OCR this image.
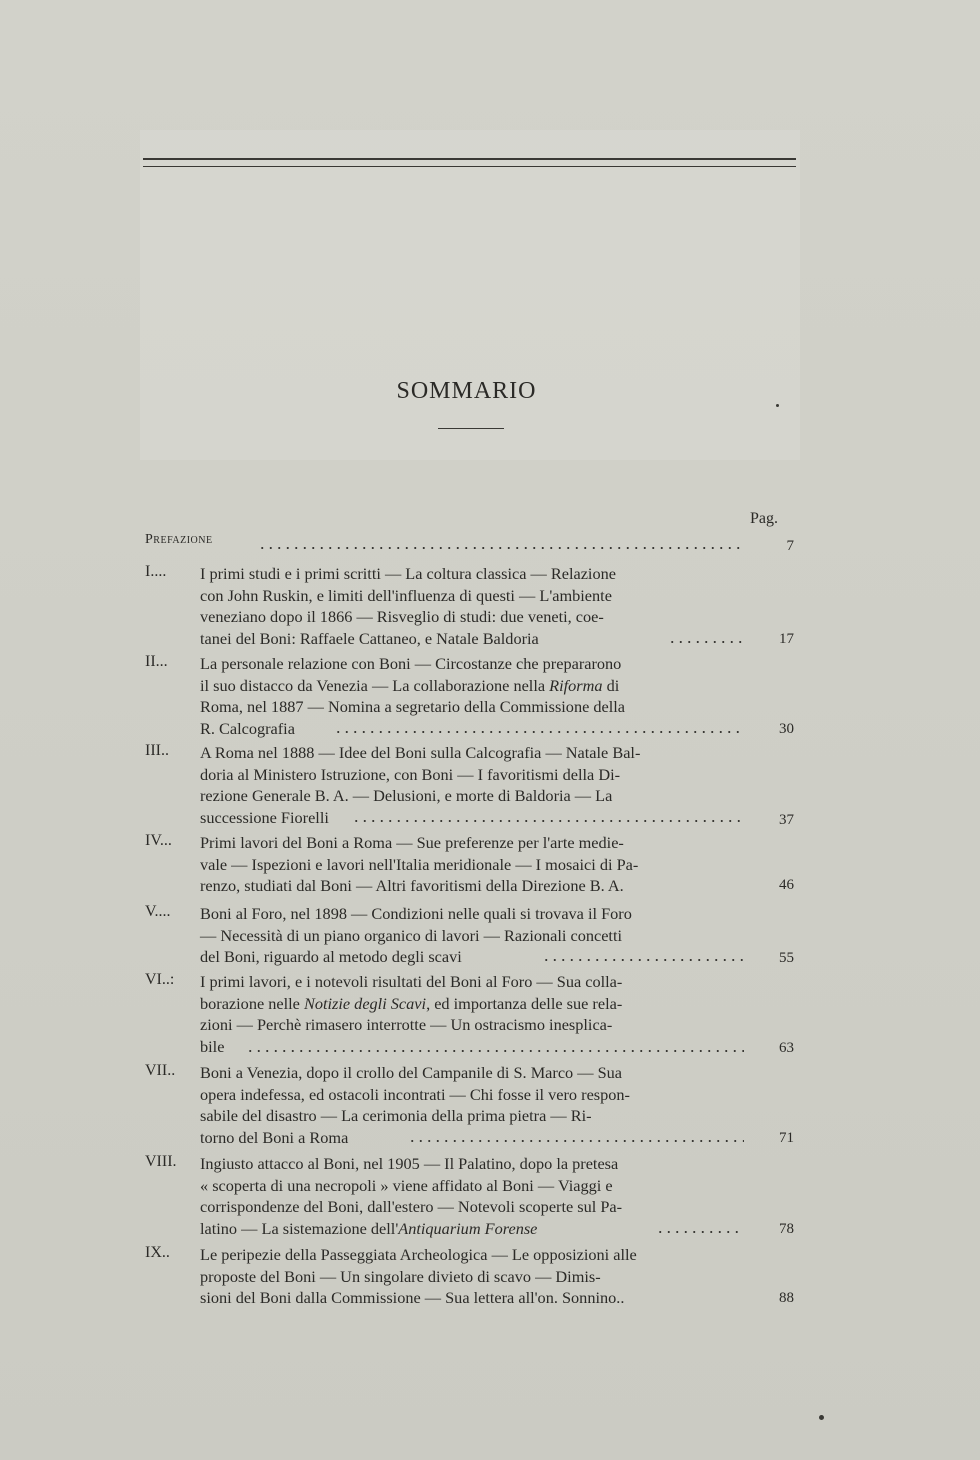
SOMMARIO
Pag.
Prefazione	7
I.... I primi studi e i primi scritti — La coltura classica — Relazione
con John Ruskin, e limiti dell'influenza di questi — L'ambiente
veneziano dopo il 1866 — Risveglio di studi: due veneti, coe-
tanei del Boni: Raffaele Cattaneo, e Natale Baldoria	17
II... La personale relazione con Boni — Circostanze che prepararono
il suo distacco da Venezia — La collaborazione nella Riforma di
Roma, nel 1887 — Nomina a segretario della Commissione della
R. Calcografia	30
III.. A Roma nel 1888 — Idee del Boni sulla Calcografia — Natale Bal-
doria al Ministero Istruzione, con Boni — I favoritismi della Di-
rezione Generale B. A. — Delusioni, e morte di Baldoria — La
successione Fiorelli	37
IV... Primi lavori del Boni a Roma — Sue preferenze per l'arte medie-
vale — Ispezioni e lavori nell'Italia meridionale — I mosaici di Pa-
renzo, studiati dal Boni — Altri favoritismi della Direzione B. A.	46
V.... Boni al Foro, nel 1898 — Condizioni nelle quali si trovava il Foro
— Necessità di un piano organico di lavori — Razionali concetti
del Boni, riguardo al metodo degli scavi	55
VI..: I primi lavori, e i notevoli risultati del Boni al Foro — Sua colla-
borazione nelle Notizie degli Scavi, ed importanza delle sue rela-
zioni — Perchè rimasero interrotte — Un ostracismo inesplica-
bile	63
VII.. Boni a Venezia, dopo il crollo del Campanile di S. Marco — Sua
opera indefessa, ed ostacoli incontrati — Chi fosse il vero respon-
sabile del disastro — La cerimonia della prima pietra — Ri-
torno del Boni a Roma	71
VIII. Ingiusto attacco al Boni, nel 1905 — Il Palatino, dopo la pretesa
« scoperta di una necropoli » viene affidato al Boni — Viaggi e
corrispondenze del Boni, dall'estero — Notevoli scoperte sul Pa-
latino — La sistemazione dell'Antiquarium Forense	78
IX.. Le peripezie della Passeggiata Archeologica — Le opposizioni alle
proposte del Boni — Un singolare divieto di scavo — Dimis-
sioni del Boni dalla Commissione — Sua lettera all'on. Sonnino..	88
